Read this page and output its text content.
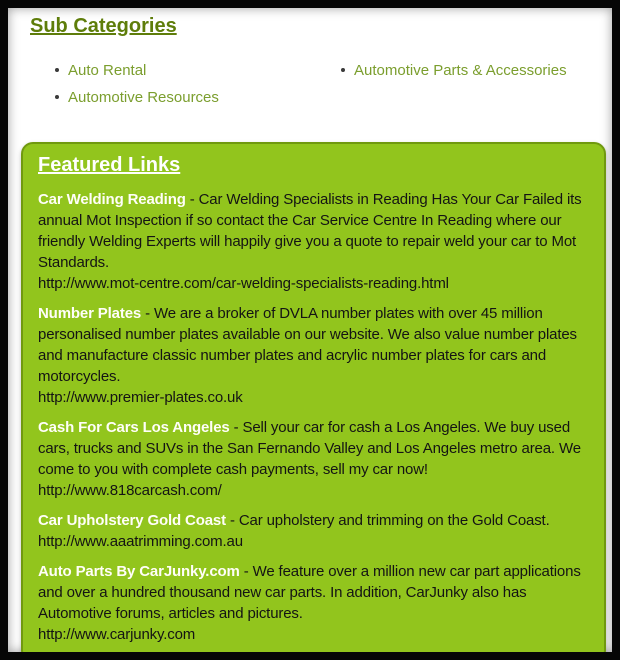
Sub Categories
Auto Rental
Automotive Resources
Automotive Parts & Accessories
Featured Links
Car Welding Reading - Car Welding Specialists in Reading Has Your Car Failed its annual Mot Inspection if so contact the Car Service Centre In Reading where our friendly Welding Experts will happily give you a quote to repair weld your car to Mot Standards.
http://www.mot-centre.com/car-welding-specialists-reading.html
Number Plates - We are a broker of DVLA number plates with over 45 million personalised number plates available on our website. We also value number plates and manufacture classic number plates and acrylic number plates for cars and motorcycles.
http://www.premier-plates.co.uk
Cash For Cars Los Angeles - Sell your car for cash a Los Angeles. We buy used cars, trucks and SUVs in the San Fernando Valley and Los Angeles metro area. We come to you with complete cash payments, sell my car now!
http://www.818carcash.com/
Car Upholstery Gold Coast - Car upholstery and trimming on the Gold Coast.
http://www.aaatrimming.com.au
Auto Parts By CarJunky.com - We feature over a million new car part applications and over a hundred thousand new car parts. In addition, CarJunky also has Automotive forums, articles and pictures.
http://www.carjunky.com
